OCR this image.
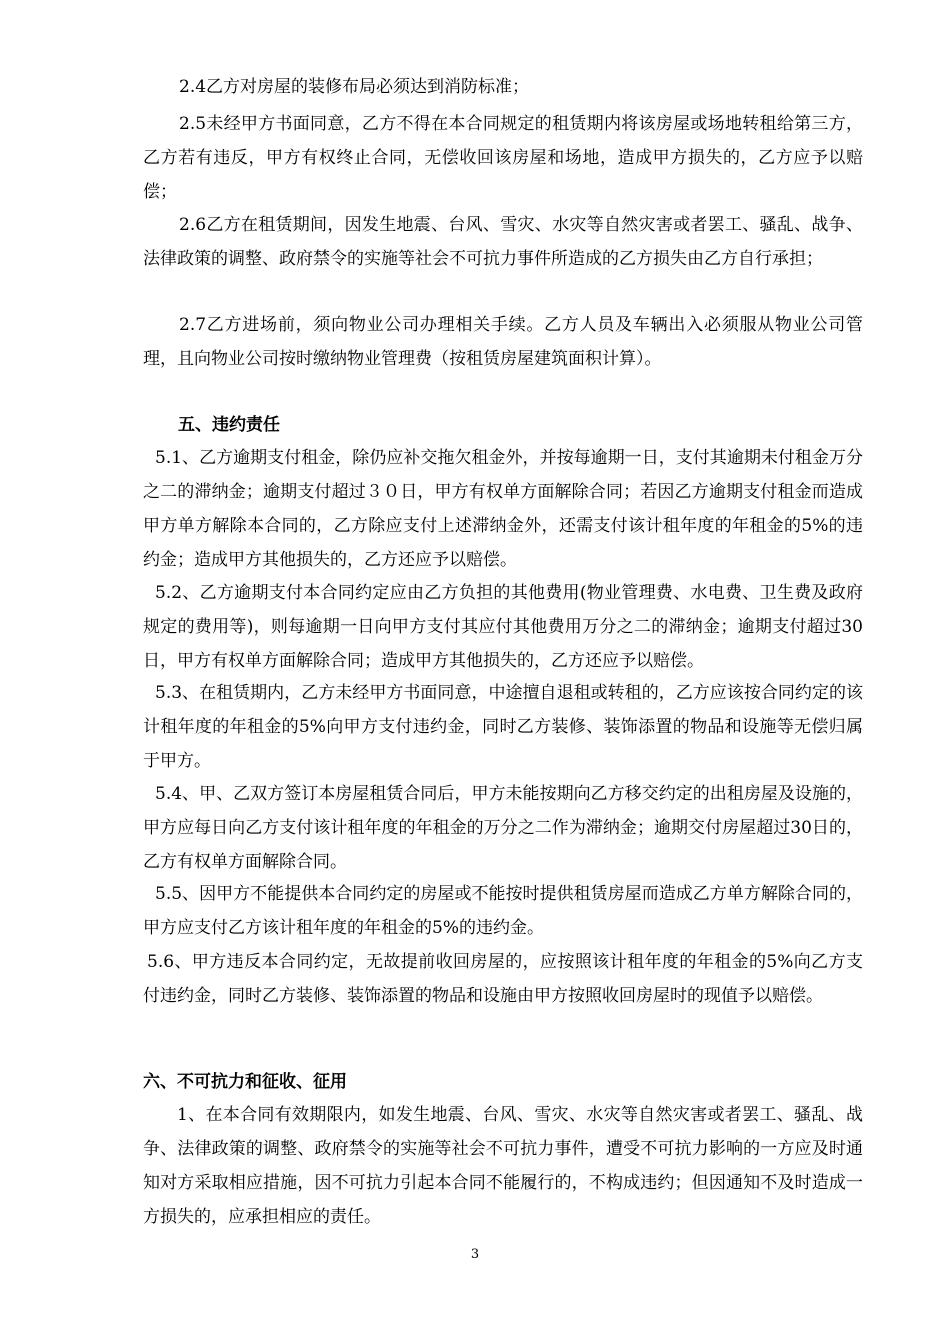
2.4乙方对房屋的装修布局必须达到消防标准；

2.5未经甲方书面同意，乙方不得在本合同规定的租赁期内将该房屋或场地转租给第三方，乙方若有违反，甲方有权终止合同，无偿收回该房屋和场地，造成甲方损失的，乙方应予以赔偿；

2.6乙方在租赁期间，因发生地震、台风、雪灾、水灾等自然灾害或者罢工、骚乱、战争、法律政策的调整、政府禁令的实施等社会不可抗力事件所造成的乙方损失由乙方自行承担；

2.7乙方进场前，须向物业公司办理相关手续。乙方人员及车辆出入必须服从物业公司管理，且向物业公司按时缴纳物业管理费（按租赁房屋建筑面积计算）。

五、违约责任

5.1、乙方逾期支付租金，除仍应补交拖欠租金外，并按每逾期一日，支付其逾期未付租金万分之二的滞纳金；逾期支付超过３０日，甲方有权单方面解除合同；若因乙方逾期支付租金而造成甲方单方解除本合同的，乙方除应支付上述滞纳金外，还需支付该计租年度的年租金的5%的违约金；造成甲方其他损失的，乙方还应予以赔偿。

5.2、乙方逾期支付本合同约定应由乙方负担的其他费用(物业管理费、水电费、卫生费及政府规定的费用等)，则每逾期一日向甲方支付其应付其他费用万分之二的滞纳金；逾期支付超过30日，甲方有权单方面解除合同；造成甲方其他损失的，乙方还应予以赔偿。

5.3、在租赁期内，乙方未经甲方书面同意，中途擅自退租或转租的，乙方应该按合同约定的该计租年度的年租金的5%向甲方支付违约金，同时乙方装修、装饰添置的物品和设施等无偿归属于甲方。

5.4、甲、乙双方签订本房屋租赁合同后，甲方未能按期向乙方移交约定的出租房屋及设施的，甲方应每日向乙方支付该计租年度的年租金的万分之二作为滞纳金；逾期交付房屋超过30日的，乙方有权单方面解除合同。

5.5、因甲方不能提供本合同约定的房屋或不能按时提供租赁房屋而造成乙方单方解除合同的，甲方应支付乙方该计租年度的年租金的5%的违约金。

5.6、甲方违反本合同约定，无故提前收回房屋的，应按照该计租年度的年租金的5%向乙方支付违约金，同时乙方装修、装饰添置的物品和设施由甲方按照收回房屋时的现值予以赔偿。

六、不可抗力和征收、征用

1、在本合同有效期限内，如发生地震、台风、雪灾、水灾等自然灾害或者罢工、骚乱、战争、法律政策的调整、政府禁令的实施等社会不可抗力事件，遭受不可抗力影响的一方应及时通知对方采取相应措施，因不可抗力引起本合同不能履行的，不构成违约；但因通知不及时造成一方损失的，应承担相应的责任。

3
